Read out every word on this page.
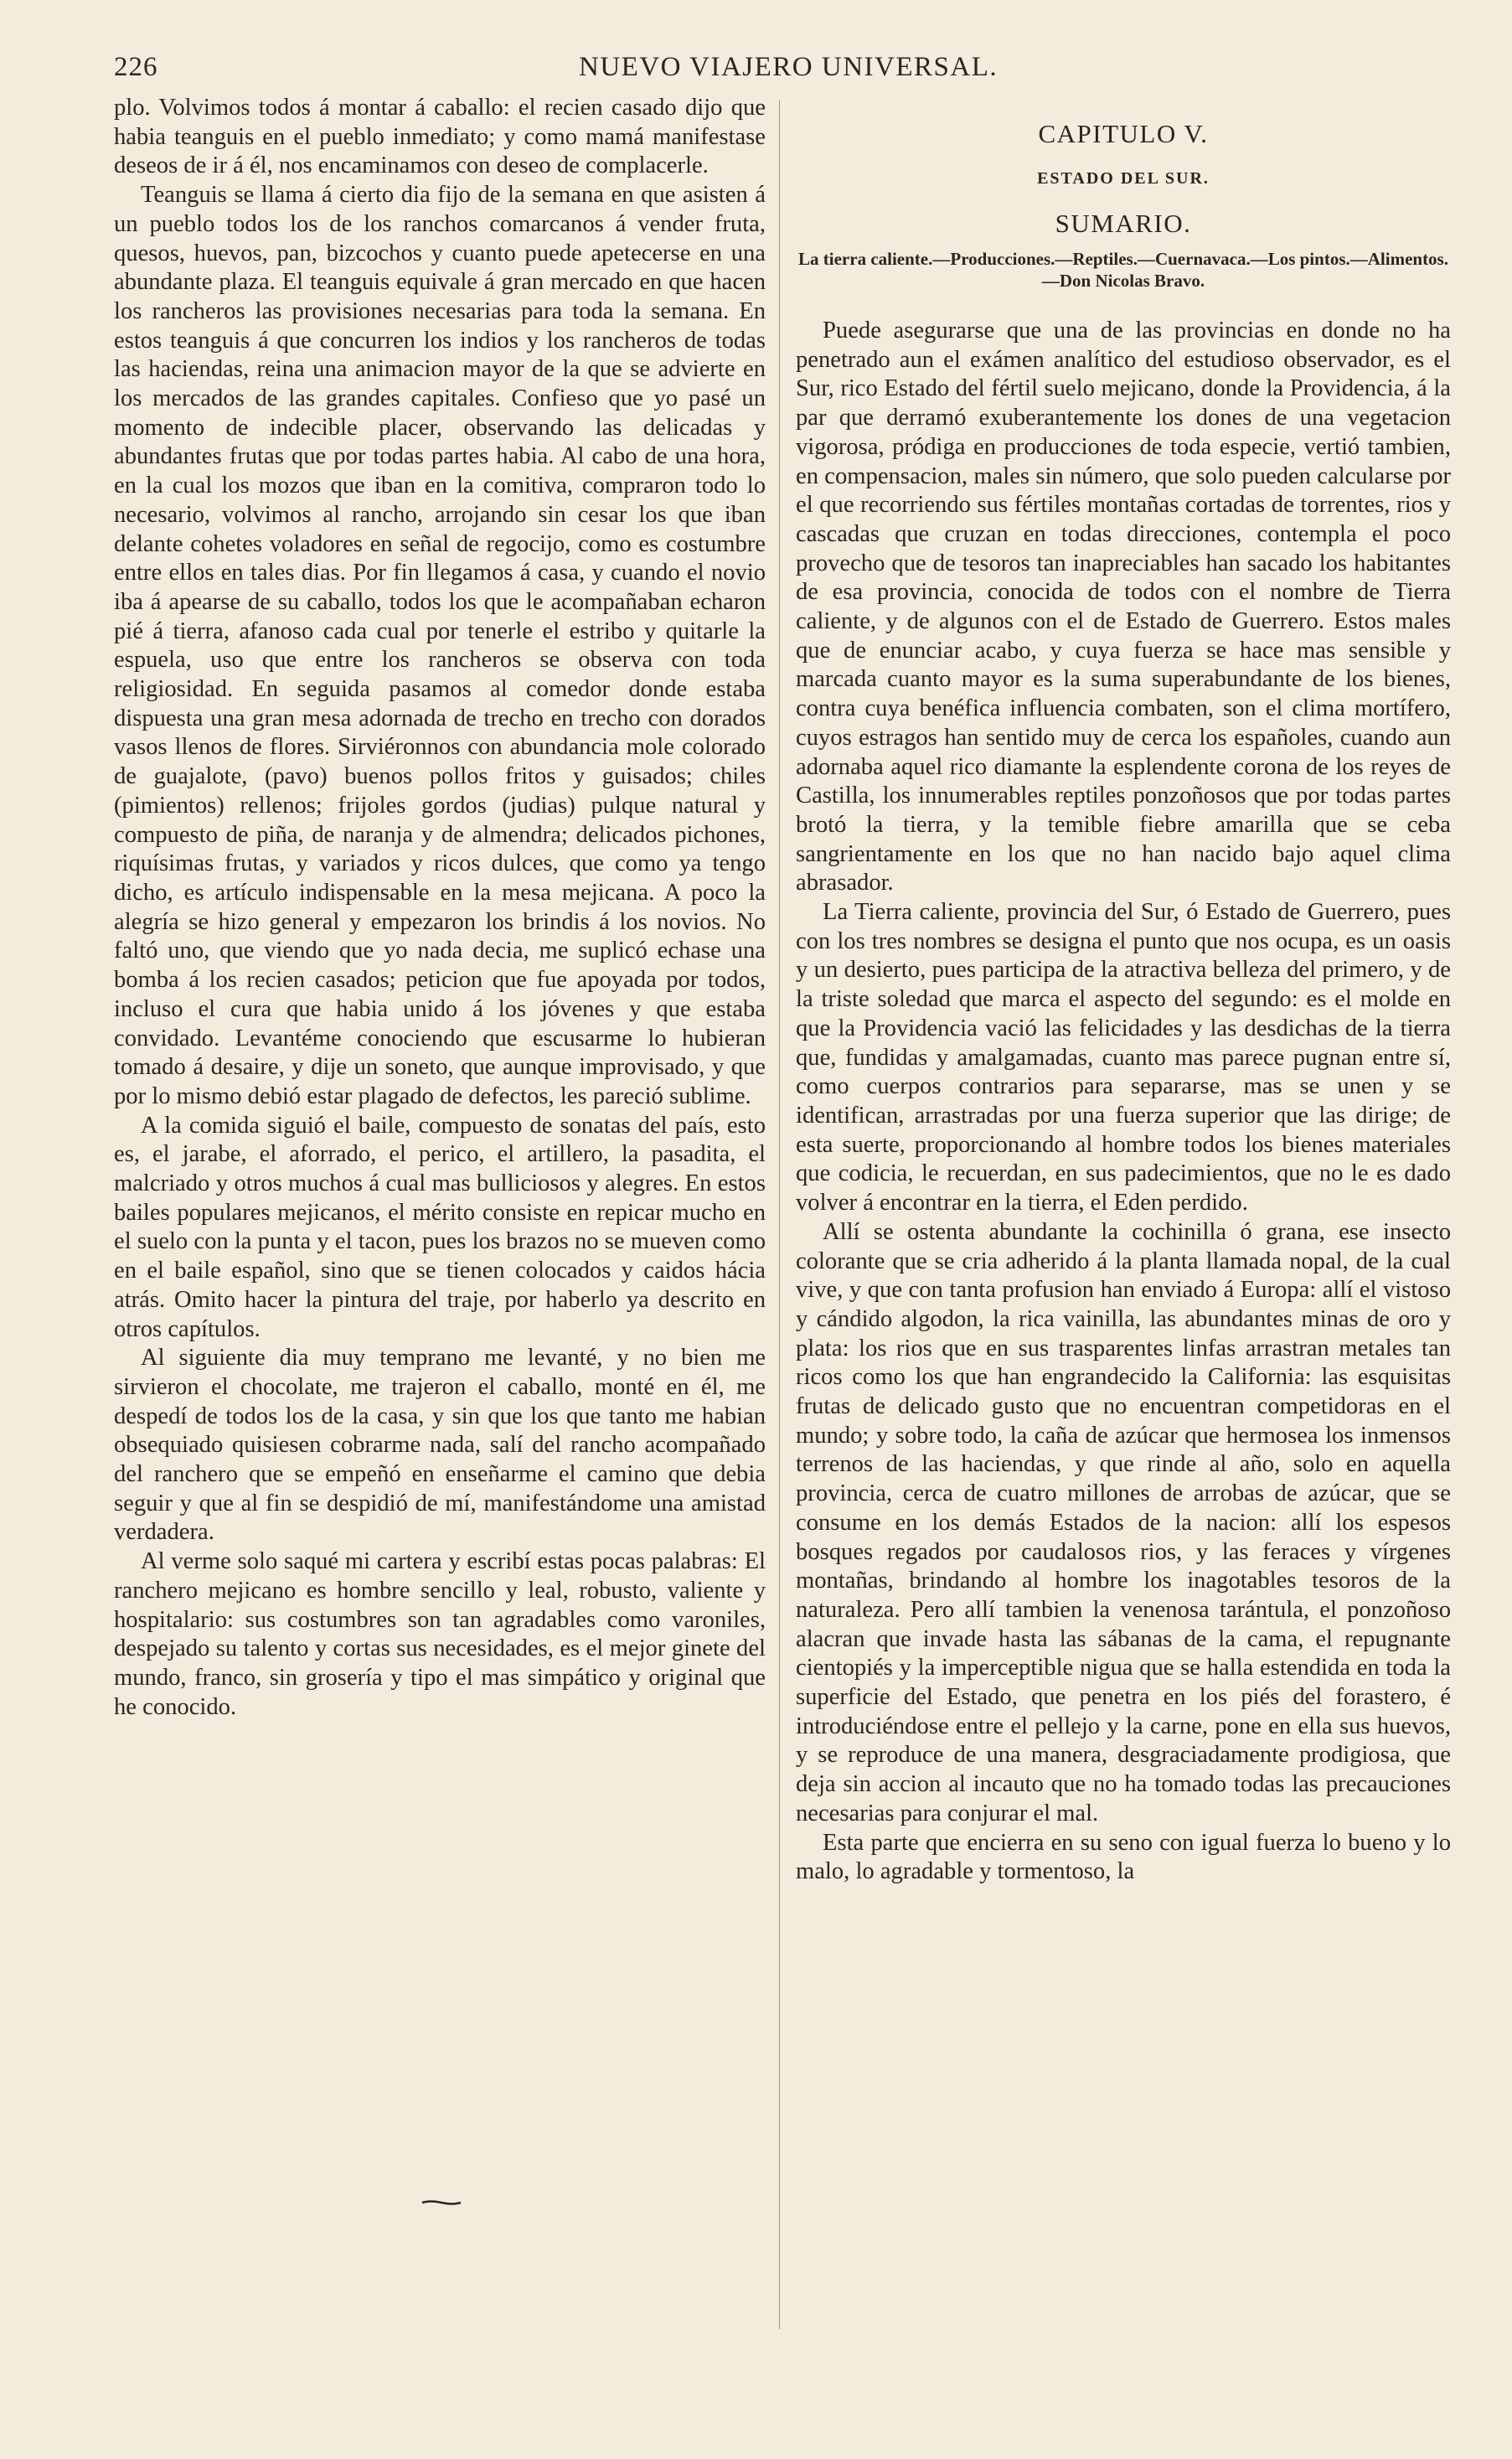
226	NUEVO VIAJERO UNIVERSAL.

plo. Volvimos todos á montar á caballo: el recien casado dijo que habia teanguis en el pueblo inmediato; y como mamá manifestase deseos de ir á él, nos encaminamos con deseo de complacerle.

Teanguis se llama á cierto dia fijo de la semana en que asisten á un pueblo todos los de los ranchos comarcanos á vender fruta, quesos, huevos, pan, bizcochos y cuanto puede apetecerse en una abundante plaza. El teanguis equivale á gran mercado en que hacen los rancheros las provisiones necesarias para toda la semana. En estos teanguis á que concurren los indios y los rancheros de todas las haciendas, reina una animacion mayor de la que se advierte en los mercados de las grandes capitales. Confieso que yo pasé un momento de indecible placer, observando las delicadas y abundantes frutas que por todas partes habia. Al cabo de una hora, en la cual los mozos que iban en la comitiva, compraron todo lo necesario, volvimos al rancho, arrojando sin cesar los que iban delante cohetes voladores en señal de regocijo, como es costumbre entre ellos en tales dias. Por fin llegamos á casa, y cuando el novio iba á apearse de su caballo, todos los que le acompañaban echaron pié á tierra, afanoso cada cual por tenerle el estribo y quitarle la espuela, uso que entre los rancheros se observa con toda religiosidad. En seguida pasamos al comedor donde estaba dispuesta una gran mesa adornada de trecho en trecho con dorados vasos llenos de flores. Sirviéronnos con abundancia mole colorado de guajalote, (pavo) buenos pollos fritos y guisados; chiles (pimientos) rellenos; frijoles gordos (judias) pulque natural y compuesto de piña, de naranja y de almendra; delicados pichones, riquísimas frutas, y variados y ricos dulces, que como ya tengo dicho, es artículo indispensable en la mesa mejicana. A poco la alegría se hizo general y empezaron los brindis á los novios. No faltó uno, que viendo que yo nada decia, me suplicó echase una bomba á los recien casados; peticion que fue apoyada por todos, incluso el cura que habia unido á los jóvenes y que estaba convidado. Levantéme conociendo que escusarme lo hubieran tomado á desaire, y dije un soneto, que aunque improvisado, y que por lo mismo debió estar plagado de defectos, les pareció sublime.

A la comida siguió el baile, compuesto de sonatas del país, esto es, el jarabe, el aforrado, el perico, el artillero, la pasadita, el malcriado y otros muchos á cual mas bulliciosos y alegres. En estos bailes populares mejicanos, el mérito consiste en repicar mucho en el suelo con la punta y el tacon, pues los brazos no se mueven como en el baile español, sino que se tienen colocados y caidos hácia atrás. Omito hacer la pintura del traje, por haberlo ya descrito en otros capítulos.

Al siguiente dia muy temprano me levanté, y no bien me sirvieron el chocolate, me trajeron el caballo, monté en él, me despedí de todos los de la casa, y sin que los que tanto me habian obsequiado quisiesen cobrarme nada, salí del rancho acompañado del ranchero que se empeñó en enseñarme el camino que debia seguir y que al fin se despidió de mí, manifestándome una amistad verdadera.

Al verme solo saqué mi cartera y escribí estas pocas palabras: El ranchero mejicano es hombre sencillo y leal, robusto, valiente y hospitalario: sus costumbres son tan agradables como varoniles, despejado su talento y cortas sus necesidades, es el mejor ginete del mundo, franco, sin grosería y tipo el mas simpático y original que he conocido.

CAPITULO V.
ESTADO DEL SUR.
SUMARIO.
La tierra caliente.—Producciones.—Reptiles.—Cuernavaca.—Los pintos.—Alimentos.—Don Nicolas Bravo.

Puede asegurarse que una de las provincias en donde no ha penetrado aun el exámen analítico del estudioso observador, es el Sur, rico Estado del fértil suelo mejicano, donde la Providencia, á la par que derramó exuberantemente los dones de una vegetacion vigorosa, pródiga en producciones de toda especie, vertió tambien, en compensacion, males sin número, que solo pueden calcularse por el que recorriendo sus fértiles montañas cortadas de torrentes, rios y cascadas que cruzan en todas direcciones, contempla el poco provecho que de tesoros tan inapreciables han sacado los habitantes de esa provincia, conocida de todos con el nombre de Tierra caliente, y de algunos con el de Estado de Guerrero. Estos males que de enunciar acabo, y cuya fuerza se hace mas sensible y marcada cuanto mayor es la suma superabundante de los bienes, contra cuya benéfica influencia combaten, son el clima mortífero, cuyos estragos han sentido muy de cerca los españoles, cuando aun adornaba aquel rico diamante la esplendente corona de los reyes de Castilla, los innumerables reptiles ponzoñosos que por todas partes brotó la tierra, y la temible fiebre amarilla que se ceba sangrientamente en los que no han nacido bajo aquel clima abrasador.

La Tierra caliente, provincia del Sur, ó Estado de Guerrero, pues con los tres nombres se designa el punto que nos ocupa, es un oasis y un desierto, pues participa de la atractiva belleza del primero, y de la triste soledad que marca el aspecto del segundo: es el molde en que la Providencia vació las felicidades y las desdichas de la tierra que, fundidas y amalgamadas, cuanto mas parece pugnan entre sí, como cuerpos contrarios para separarse, mas se unen y se identifican, arrastradas por una fuerza superior que las dirige; de esta suerte, proporcionando al hombre todos los bienes materiales que codicia, le recuerdan, en sus padecimientos, que no le es dado volver á encontrar en la tierra, el Eden perdido.

Allí se ostenta abundante la cochinilla ó grana, ese insecto colorante que se cria adherido á la planta llamada nopal, de la cual vive, y que con tanta profusion han enviado á Europa: allí el vistoso y cándido algodon, la rica vainilla, las abundantes minas de oro y plata: los rios que en sus trasparentes linfas arrastran metales tan ricos como los que han engrandecido la California: las esquisitas frutas de delicado gusto que no encuentran competidoras en el mundo; y sobre todo, la caña de azúcar que hermosea los inmensos terrenos de las haciendas, y que rinde al año, solo en aquella provincia, cerca de cuatro millones de arrobas de azúcar, que se consume en los demás Estados de la nacion: allí los espesos bosques regados por caudalosos rios, y las feraces y vírgenes montañas, brindando al hombre los inagotables tesoros de la naturaleza. Pero allí tambien la venenosa tarántula, el ponzoñoso alacran que invade hasta las sábanas de la cama, el repugnante cientopiés y la imperceptible nigua que se halla estendida en toda la superficie del Estado, que penetra en los piés del forastero, é introduciéndose entre el pellejo y la carne, pone en ella sus huevos, y se reproduce de una manera, desgraciadamente prodigiosa, que deja sin accion al incauto que no ha tomado todas las precauciones necesarias para conjurar el mal.

Esta parte que encierra en su seno con igual fuerza lo bueno y lo malo, lo agradable y tormentoso, la
